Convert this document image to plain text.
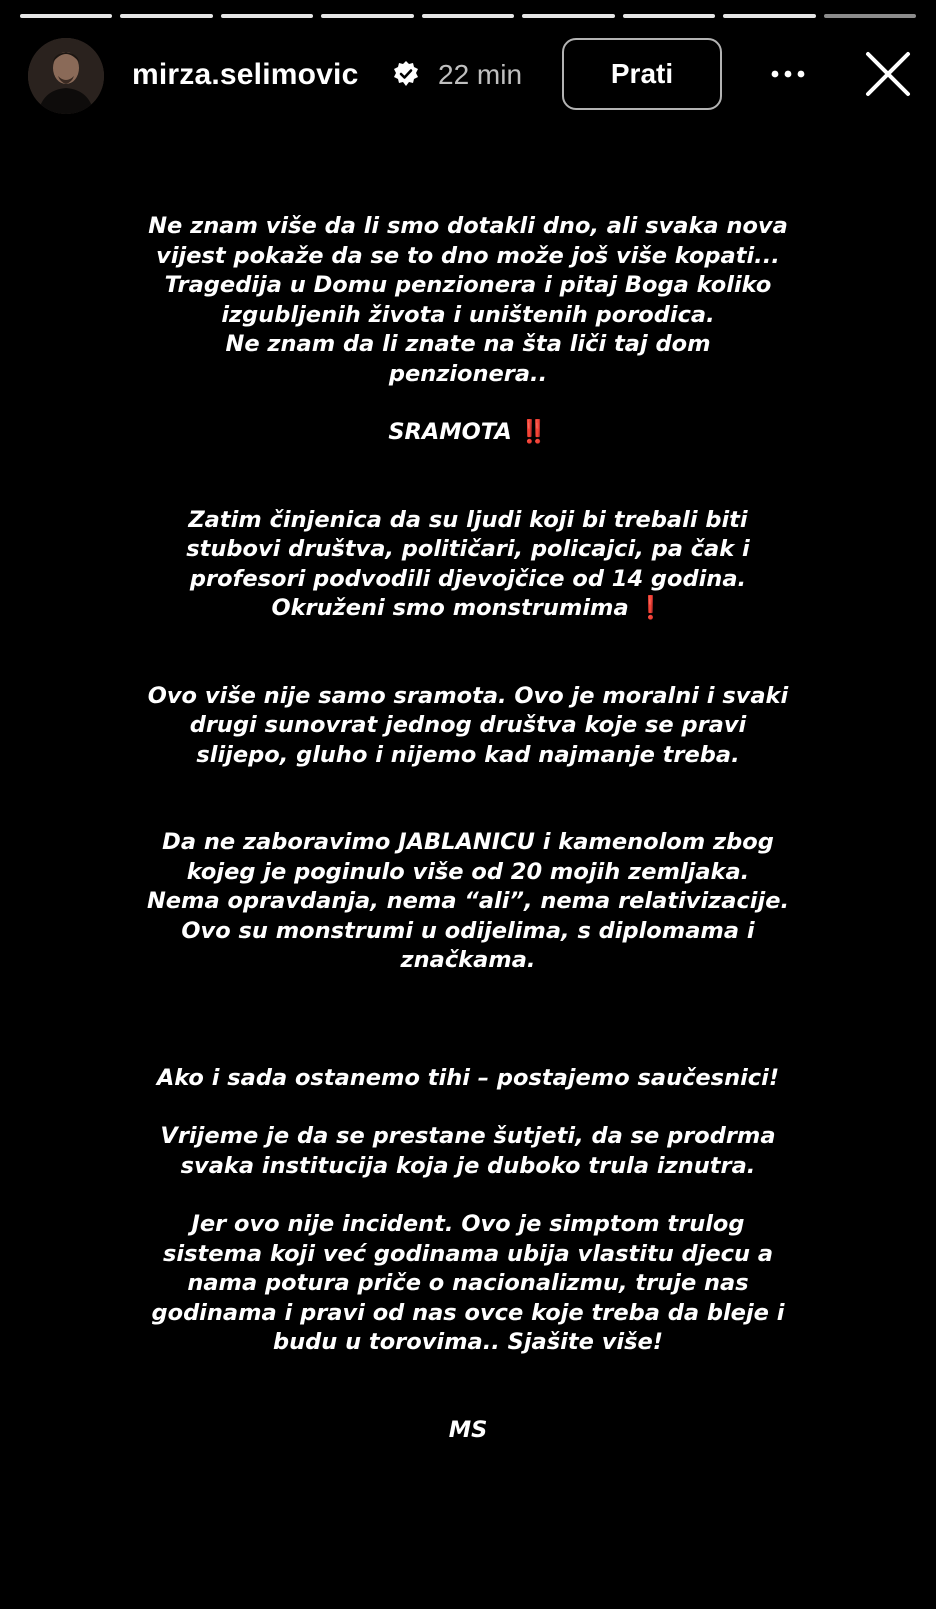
mirza.selimovic	22 min	Prati

Ne znam više da li smo dotakli dno, ali svaka nova
vijest pokaže da se to dno može još više kopati...
Tragedija u Domu penzionera i pitaj Boga koliko
izgubljenih života i uništenih porodica.
Ne znam da li znate na šta liči taj dom
penzionera..

SRAMOTA ‼️

Zatim činjenica da su ljudi koji bi trebali biti
stubovi društva, političari, policajci, pa čak i
profesori podvodili djevojčice od 14 godina.
Okruženi smo monstrumima ❗

Ovo više nije samo sramota. Ovo je moralni i svaki
drugi sunovrat jednog društva koje se pravi
slijepo, gluho i nijemo kad najmanje treba.

Da ne zaboravimo JABLANICU i kamenolom zbog
kojeg je poginulo više od 20 mojih zemljaka.
Nema opravdanja, nema “ali”, nema relativizacije.
Ovo su monstrumi u odijelima, s diplomama i
značkama.

Ako i sada ostanemo tihi – postajemo saučesnici!

Vrijeme je da se prestane šutjeti, da se prodrma
svaka institucija koja je duboko trula iznutra.

Jer ovo nije incident. Ovo je simptom trulog
sistema koji već godinama ubija vlastitu djecu a
nama potura priče o nacionalizmu, truje nas
godinama i pravi od nas ovce koje treba da bleje i
budu u torovima.. Sjašite više!

MS
